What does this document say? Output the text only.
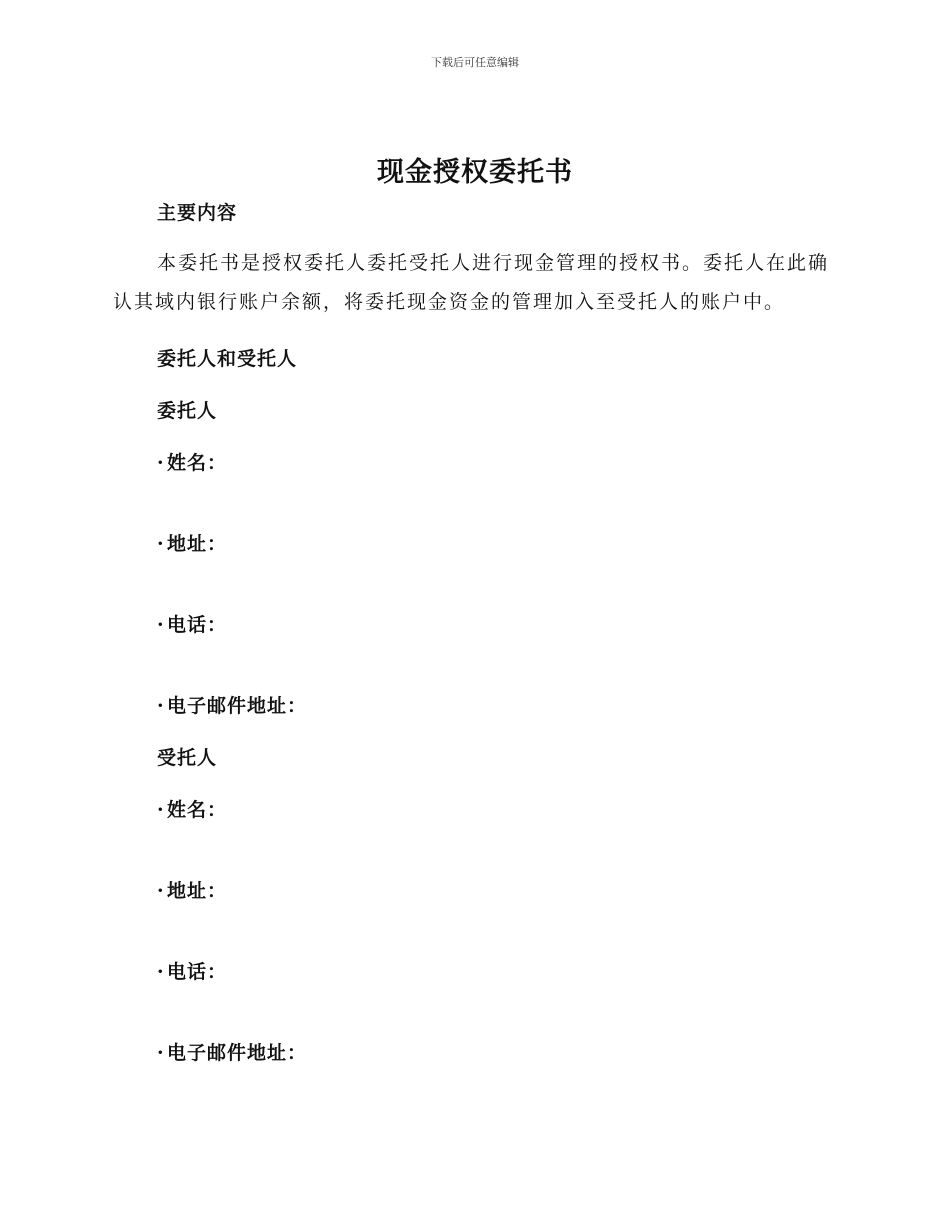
下载后可任意编辑
现金授权委托书
主要内容

本委托书是授权委托人委托受托人进行现金管理的授权书。委托人在此确认其域内银行账户余额，将委托现金资金的管理加入至受托人的账户中。

委托人和受托人
委托人
· 姓名：
· 地址：
· 电话：
· 电子邮件地址：
受托人
· 姓名：
· 地址：
· 电话：
· 电子邮件地址：
